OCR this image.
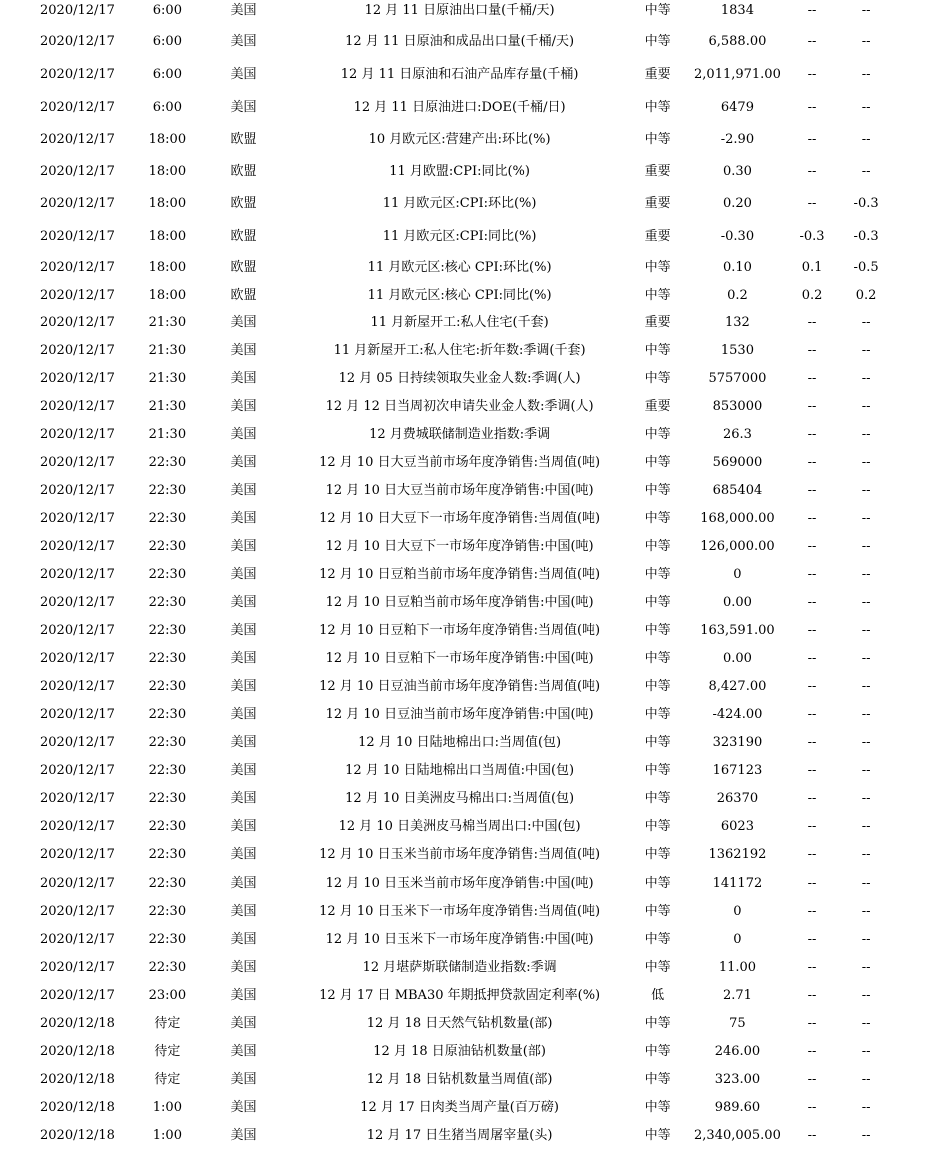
2020/12/17	6:00	美国	12 月 11 日原油出口量(千桶/天)	中等	1834	--	--
2020/12/17	6:00	美国	12 月 11 日原油和成品出口量(千桶/天)	中等	6,588.00	--	--
2020/12/17	6:00	美国	12 月 11 日原油和石油产品库存量(千桶)	重要	2,011,971.00	--	--
2020/12/17	6:00	美国	12 月 11 日原油进口:DOE(千桶/日)	中等	6479	--	--
2020/12/17	18:00	欧盟	10 月欧元区:营建产出:环比(%)	中等	-2.90	--	--
2020/12/17	18:00	欧盟	11 月欧盟:CPI:同比(%)	重要	0.30	--	--
2020/12/17	18:00	欧盟	11 月欧元区:CPI:环比(%)	重要	0.20	--	-0.3
2020/12/17	18:00	欧盟	11 月欧元区:CPI:同比(%)	重要	-0.30	-0.3	-0.3
2020/12/17	18:00	欧盟	11 月欧元区:核心 CPI:环比(%)	中等	0.10	0.1	-0.5
2020/12/17	18:00	欧盟	11 月欧元区:核心 CPI:同比(%)	中等	0.2	0.2	0.2
2020/12/17	21:30	美国	11 月新屋开工:私人住宅(千套)	重要	132	--	--
2020/12/17	21:30	美国	11 月新屋开工:私人住宅:折年数:季调(千套)	中等	1530	--	--
2020/12/17	21:30	美国	12 月 05 日持续领取失业金人数:季调(人)	中等	5757000	--	--
2020/12/17	21:30	美国	12 月 12 日当周初次申请失业金人数:季调(人)	重要	853000	--	--
2020/12/17	21:30	美国	12 月费城联储制造业指数:季调	中等	26.3	--	--
2020/12/17	22:30	美国	12 月 10 日大豆当前市场年度净销售:当周值(吨)	中等	569000	--	--
2020/12/17	22:30	美国	12 月 10 日大豆当前市场年度净销售:中国(吨)	中等	685404	--	--
2020/12/17	22:30	美国	12 月 10 日大豆下一市场年度净销售:当周值(吨)	中等	168,000.00	--	--
2020/12/17	22:30	美国	12 月 10 日大豆下一市场年度净销售:中国(吨)	中等	126,000.00	--	--
2020/12/17	22:30	美国	12 月 10 日豆粕当前市场年度净销售:当周值(吨)	中等	0	--	--
2020/12/17	22:30	美国	12 月 10 日豆粕当前市场年度净销售:中国(吨)	中等	0.00	--	--
2020/12/17	22:30	美国	12 月 10 日豆粕下一市场年度净销售:当周值(吨)	中等	163,591.00	--	--
2020/12/17	22:30	美国	12 月 10 日豆粕下一市场年度净销售:中国(吨)	中等	0.00	--	--
2020/12/17	22:30	美国	12 月 10 日豆油当前市场年度净销售:当周值(吨)	中等	8,427.00	--	--
2020/12/17	22:30	美国	12 月 10 日豆油当前市场年度净销售:中国(吨)	中等	-424.00	--	--
2020/12/17	22:30	美国	12 月 10 日陆地棉出口:当周值(包)	中等	323190	--	--
2020/12/17	22:30	美国	12 月 10 日陆地棉出口当周值:中国(包)	中等	167123	--	--
2020/12/17	22:30	美国	12 月 10 日美洲皮马棉出口:当周值(包)	中等	26370	--	--
2020/12/17	22:30	美国	12 月 10 日美洲皮马棉当周出口:中国(包)	中等	6023	--	--
2020/12/17	22:30	美国	12 月 10 日玉米当前市场年度净销售:当周值(吨)	中等	1362192	--	--
2020/12/17	22:30	美国	12 月 10 日玉米当前市场年度净销售:中国(吨)	中等	141172	--	--
2020/12/17	22:30	美国	12 月 10 日玉米下一市场年度净销售:当周值(吨)	中等	0	--	--
2020/12/17	22:30	美国	12 月 10 日玉米下一市场年度净销售:中国(吨)	中等	0	--	--
2020/12/17	22:30	美国	12 月堪萨斯联储制造业指数:季调	中等	11.00	--	--
2020/12/17	23:00	美国	12 月 17 日 MBA30 年期抵押贷款固定利率(%)	低	2.71	--	--
2020/12/18	待定	美国	12 月 18 日天然气钻机数量(部)	中等	75	--	--
2020/12/18	待定	美国	12 月 18 日原油钻机数量(部)	中等	246.00	--	--
2020/12/18	待定	美国	12 月 18 日钻机数量当周值(部)	中等	323.00	--	--
2020/12/18	1:00	美国	12 月 17 日肉类当周产量(百万磅)	中等	989.60	--	--
2020/12/18	1:00	美国	12 月 17 日生猪当周屠宰量(头)	中等	2,340,005.00	--	--
